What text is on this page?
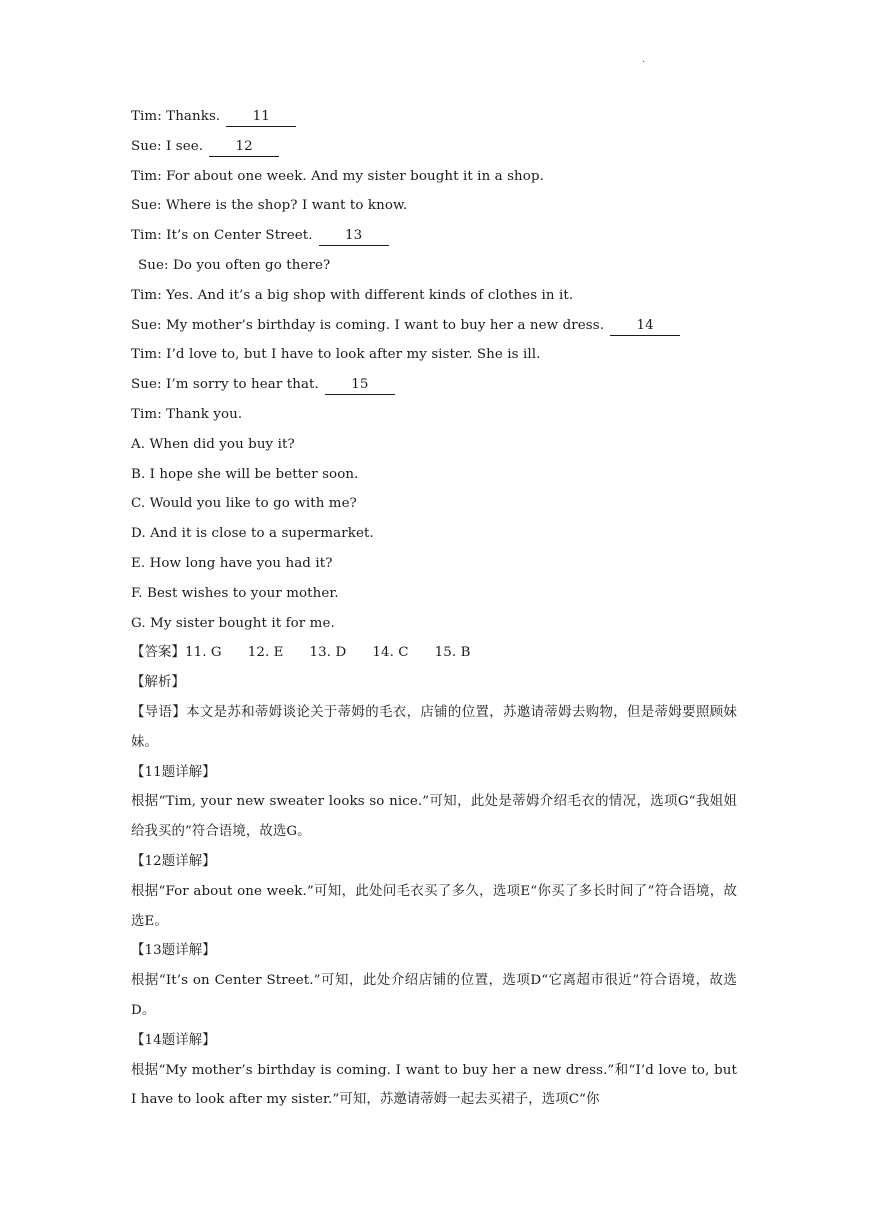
.
Tim: Thanks. 11
Sue: I see. 12
Tim: For about one week. And my sister bought it in a shop.
Sue: Where is the shop? I want to know.
Tim: It’s on Center Street. 13
Sue: Do you often go there?
Tim: Yes. And it’s a big shop with different kinds of clothes in it.
Sue: My mother’s birthday is coming. I want to buy her a new dress. 14
Tim: I’d love to, but I have to look after my sister. She is ill.
Sue: I’m sorry to hear that. 15
Tim: Thank you.
A. When did you buy it?
B. I hope she will be better soon.
C. Would you like to go with me?
D. And it is close to a supermarket.
E. How long have you had it?
F. Best wishes to your mother.
G. My sister bought it for me.
【答案】11. G 12. E 13. D 14. C 15. B
【解析】
【导语】本文是苏和蒂姆谈论关于蒂姆的毛衣，店铺的位置，苏邀请蒂姆去购物，但是蒂姆要照顾妹妹。
【11题详解】
根据“Tim, your new sweater looks so nice.”可知，此处是蒂姆介绍毛衣的情况，选项G“我姐姐给我买的”符合语境，故选G。
【12题详解】
根据“For about one week.”可知，此处问毛衣买了多久，选项E“你买了多长时间了”符合语境，故选E。
【13题详解】
根据“It’s on Center Street.”可知，此处介绍店铺的位置，选项D“它离超市很近”符合语境，故选D。
【14题详解】
根据“My mother’s birthday is coming. I want to buy her a new dress.”和“I’d love to, but I have to look after my sister.”可知，苏邀请蒂姆一起去买裙子，选项C“你
